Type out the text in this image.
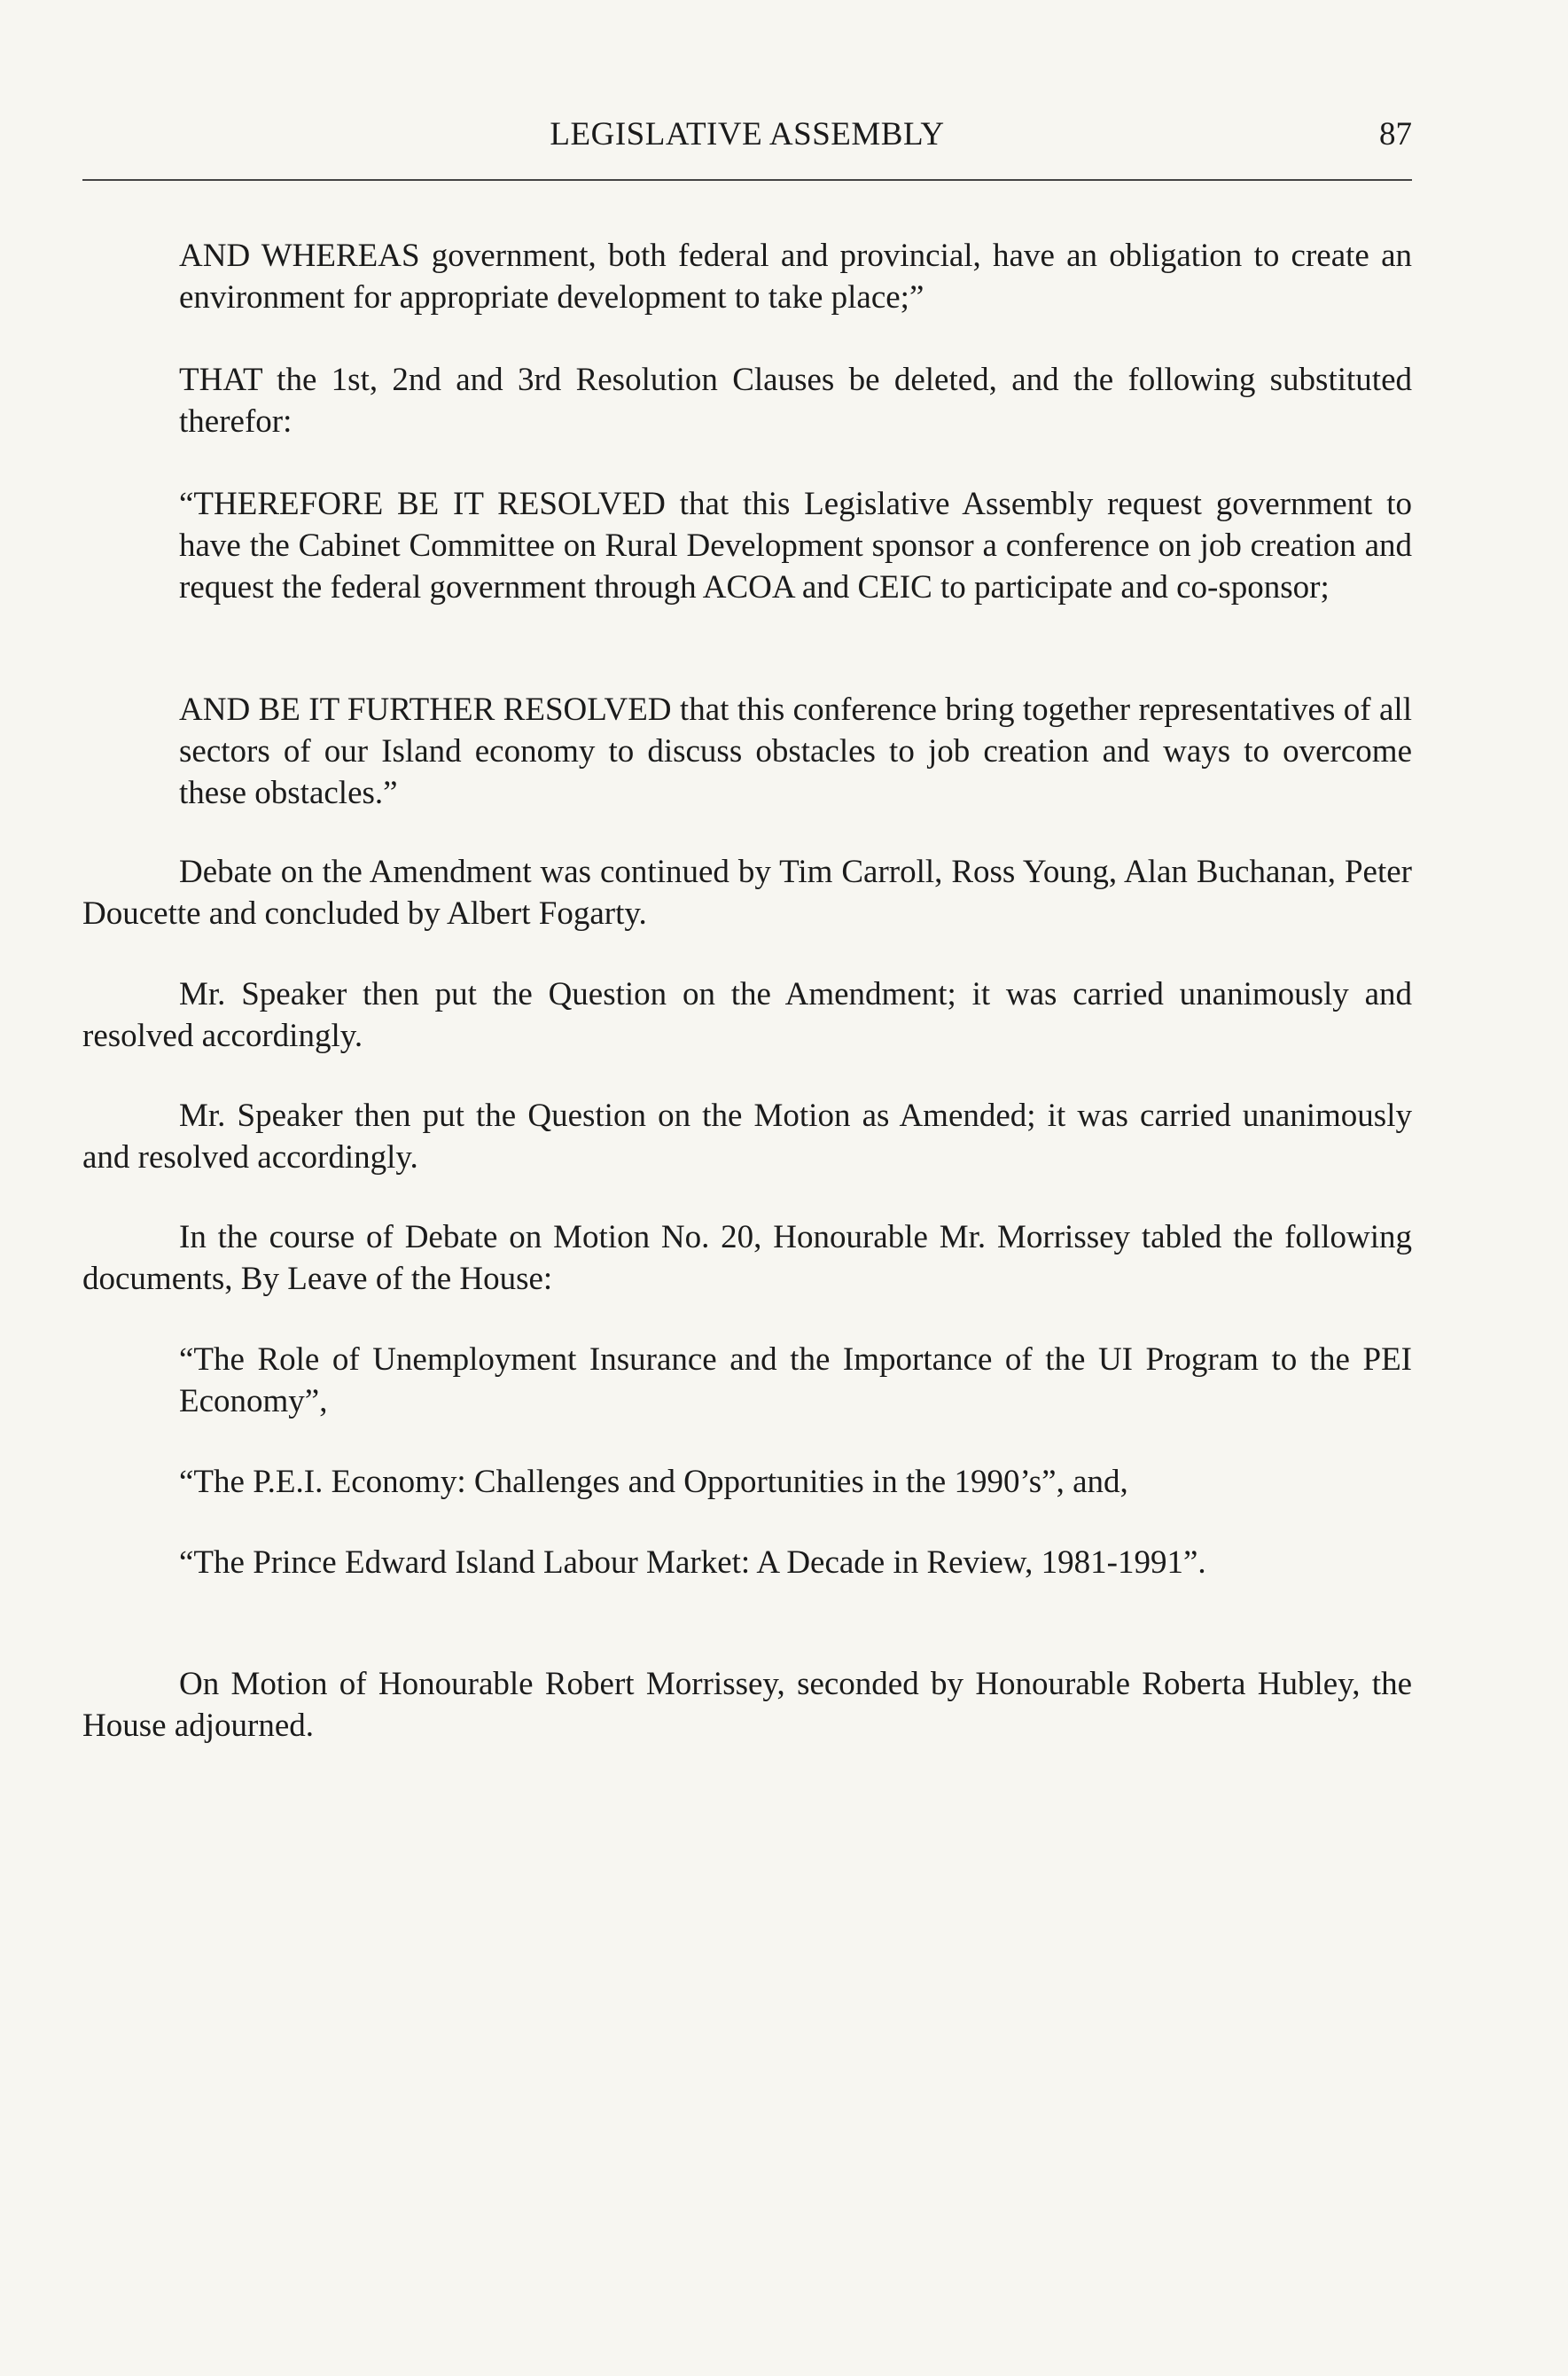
LEGISLATIVE ASSEMBLY	87

AND WHEREAS government, both federal and provincial, have an obligation to create an environment for appropriate development to take place;”

THAT the 1st, 2nd and 3rd Resolution Clauses be deleted, and the following substituted therefor:

“THEREFORE BE IT RESOLVED that this Legislative Assembly request government to have the Cabinet Committee on Rural Development sponsor a conference on job creation and request the federal government through ACOA and CEIC to participate and co-sponsor;

AND BE IT FURTHER RESOLVED that this conference bring together representatives of all sectors of our Island economy to discuss obstacles to job creation and ways to overcome these obstacles.”

Debate on the Amendment was continued by Tim Carroll, Ross Young, Alan Buchanan, Peter Doucette and concluded by Albert Fogarty.

Mr. Speaker then put the Question on the Amendment; it was carried unanimously and resolved accordingly.

Mr. Speaker then put the Question on the Motion as Amended; it was carried unanimously and resolved accordingly.

In the course of Debate on Motion No. 20, Honourable Mr. Morrissey tabled the following documents, By Leave of the House:

“The Role of Unemployment Insurance and the Importance of the UI Program to the PEI Economy”,

“The P.E.I. Economy: Challenges and Opportunities in the 1990’s”, and,

“The Prince Edward Island Labour Market: A Decade in Review, 1981-1991”.

On Motion of Honourable Robert Morrissey, seconded by Honourable Roberta Hubley, the House adjourned.
